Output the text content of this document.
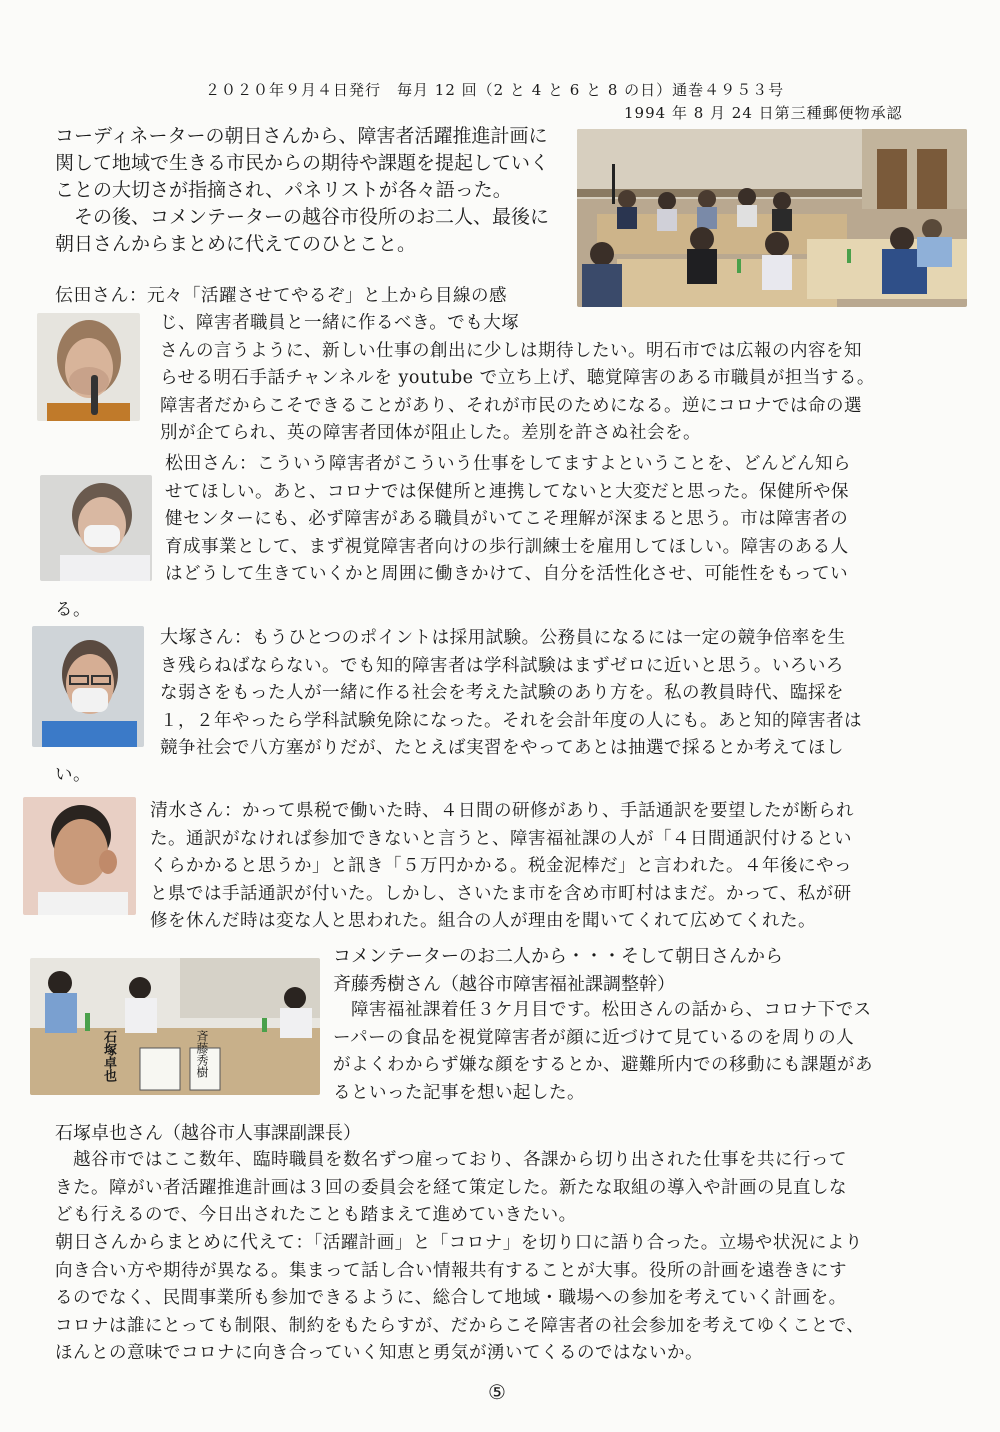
２０２０年９月４日発行　毎月 12 回（2 と 4 と 6 と 8 の日）通巻４９５３号
1994 年 8 月 24 日第三種郵便物承認
コーディネーターの朝日さんから、障害者活躍推進計画に
関して地域で生きる市民からの期待や課題を提起していく
ことの大切さが指摘され、パネリストが各々語った。
　その後、コメンテーターの越谷市役所のお二人、最後に
朝日さんからまとめに代えてのひとこと。
伝田さん：元々「活躍させてやるぞ」と上から目線の感
じ、障害者職員と一緒に作るべき。でも大塚
さんの言うように、新しい仕事の創出に少しは期待したい。明石市では広報の内容を知
らせる明石手話チャンネルを youtube で立ち上げ、聴覚障害のある市職員が担当する。
障害者だからこそできることがあり、それが市民のためになる。逆にコロナでは命の選
別が企てられ、英の障害者団体が阻止した。差別を許さぬ社会を。
松田さん：こういう障害者がこういう仕事をしてますよということを、どんどん知ら
せてほしい。あと、コロナでは保健所と連携してないと大変だと思った。保健所や保
健センターにも、必ず障害がある職員がいてこそ理解が深まると思う。市は障害者の
育成事業として、まず視覚障害者向けの歩行訓練士を雇用してほしい。障害のある人
はどうして生きていくかと周囲に働きかけて、自分を活性化させ、可能性をもってい
る。
大塚さん：もうひとつのポイントは採用試験。公務員になるには一定の競争倍率を生
き残らねばならない。でも知的障害者は学科試験はまずゼロに近いと思う。いろいろ
な弱さをもった人が一緒に作る社会を考えた試験のあり方を。私の教員時代、臨採を
１，２年やったら学科試験免除になった。それを会計年度の人にも。あと知的障害者は
競争社会で八方塞がりだが、たとえば実習をやってあとは抽選で採るとか考えてほし
い。
清水さん：かって県税で働いた時、４日間の研修があり、手話通訳を要望したが断られ
た。通訳がなければ参加できないと言うと、障害福祉課の人が「４日間通訳付けるとい
くらかかると思うか」と訊き「５万円かかる。税金泥棒だ」と言われた。４年後にやっ
と県では手話通訳が付いた。しかし、さいたま市を含め市町村はまだ。かって、私が研
修を休んだ時は変な人と思われた。組合の人が理由を聞いてくれて広めてくれた。
コメンテーターのお二人から・・・そして朝日さんから
斉藤秀樹さん（越谷市障害福祉課調整幹）
　障害福祉課着任３ケ月目です。松田さんの話から、コロナ下でス
ーパーの食品を視覚障害者が顔に近づけて見ているのを周りの人
がよくわからず嫌な顔をするとか、避難所内での移動にも課題があ
るといった記事を想い起した。
石塚卓也	斉藤秀樹
石塚卓也さん（越谷市人事課副課長）
　越谷市ではここ数年、臨時職員を数名ずつ雇っており、各課から切り出された仕事を共に行って
きた。障がい者活躍推進計画は３回の委員会を経て策定した。新たな取組の導入や計画の見直しな
ども行えるので、今日出されたことも踏まえて進めていきたい。
朝日さんからまとめに代えて：「活躍計画」と「コロナ」を切り口に語り合った。立場や状況により
向き合い方や期待が異なる。集まって話し合い情報共有することが大事。役所の計画を遠巻きにす
るのでなく、民間事業所も参加できるように、総合して地域・職場への参加を考えていく計画を。
コロナは誰にとっても制限、制約をもたらすが、だからこそ障害者の社会参加を考えてゆくことで、
ほんとの意味でコロナに向き合っていく知恵と勇気が湧いてくるのではないか。
⑤
